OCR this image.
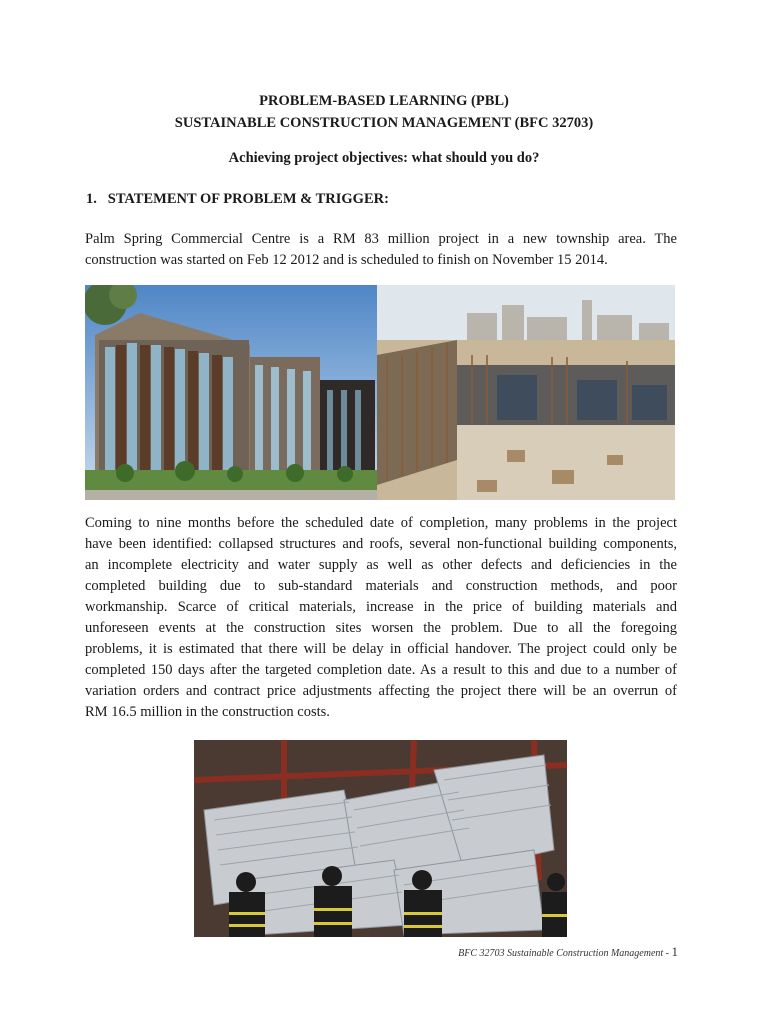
PROBLEM-BASED LEARNING (PBL)
SUSTAINABLE CONSTRUCTION MANAGEMENT (BFC 32703)
Achieving project objectives: what should you do?
1.   STATEMENT OF PROBLEM & TRIGGER:
Palm Spring Commercial Centre is a RM 83 million project in a new township area. The
construction was started on Feb 12 2012 and is scheduled to finish on November 15 2014.
Coming to nine months before the scheduled date of completion, many problems in the project
have been identified: collapsed structures and roofs, several non-functional building components,
an incomplete electricity and water supply as well as other defects and deficiencies in the
completed building due to sub-standard materials and construction methods, and poor
workmanship. Scarce of critical materials, increase in the price of building materials and
unforeseen events at the construction sites worsen the problem. Due to all the foregoing
problems, it is estimated that there will be delay in official handover. The project could only be
completed 150 days after the targeted completion date. As a result to this and due to a number of
variation orders and contract price adjustments affecting the project there will be an overrun of
RM 16.5 million in the construction costs.
BFC 32703 Sustainable Construction Management - 1
